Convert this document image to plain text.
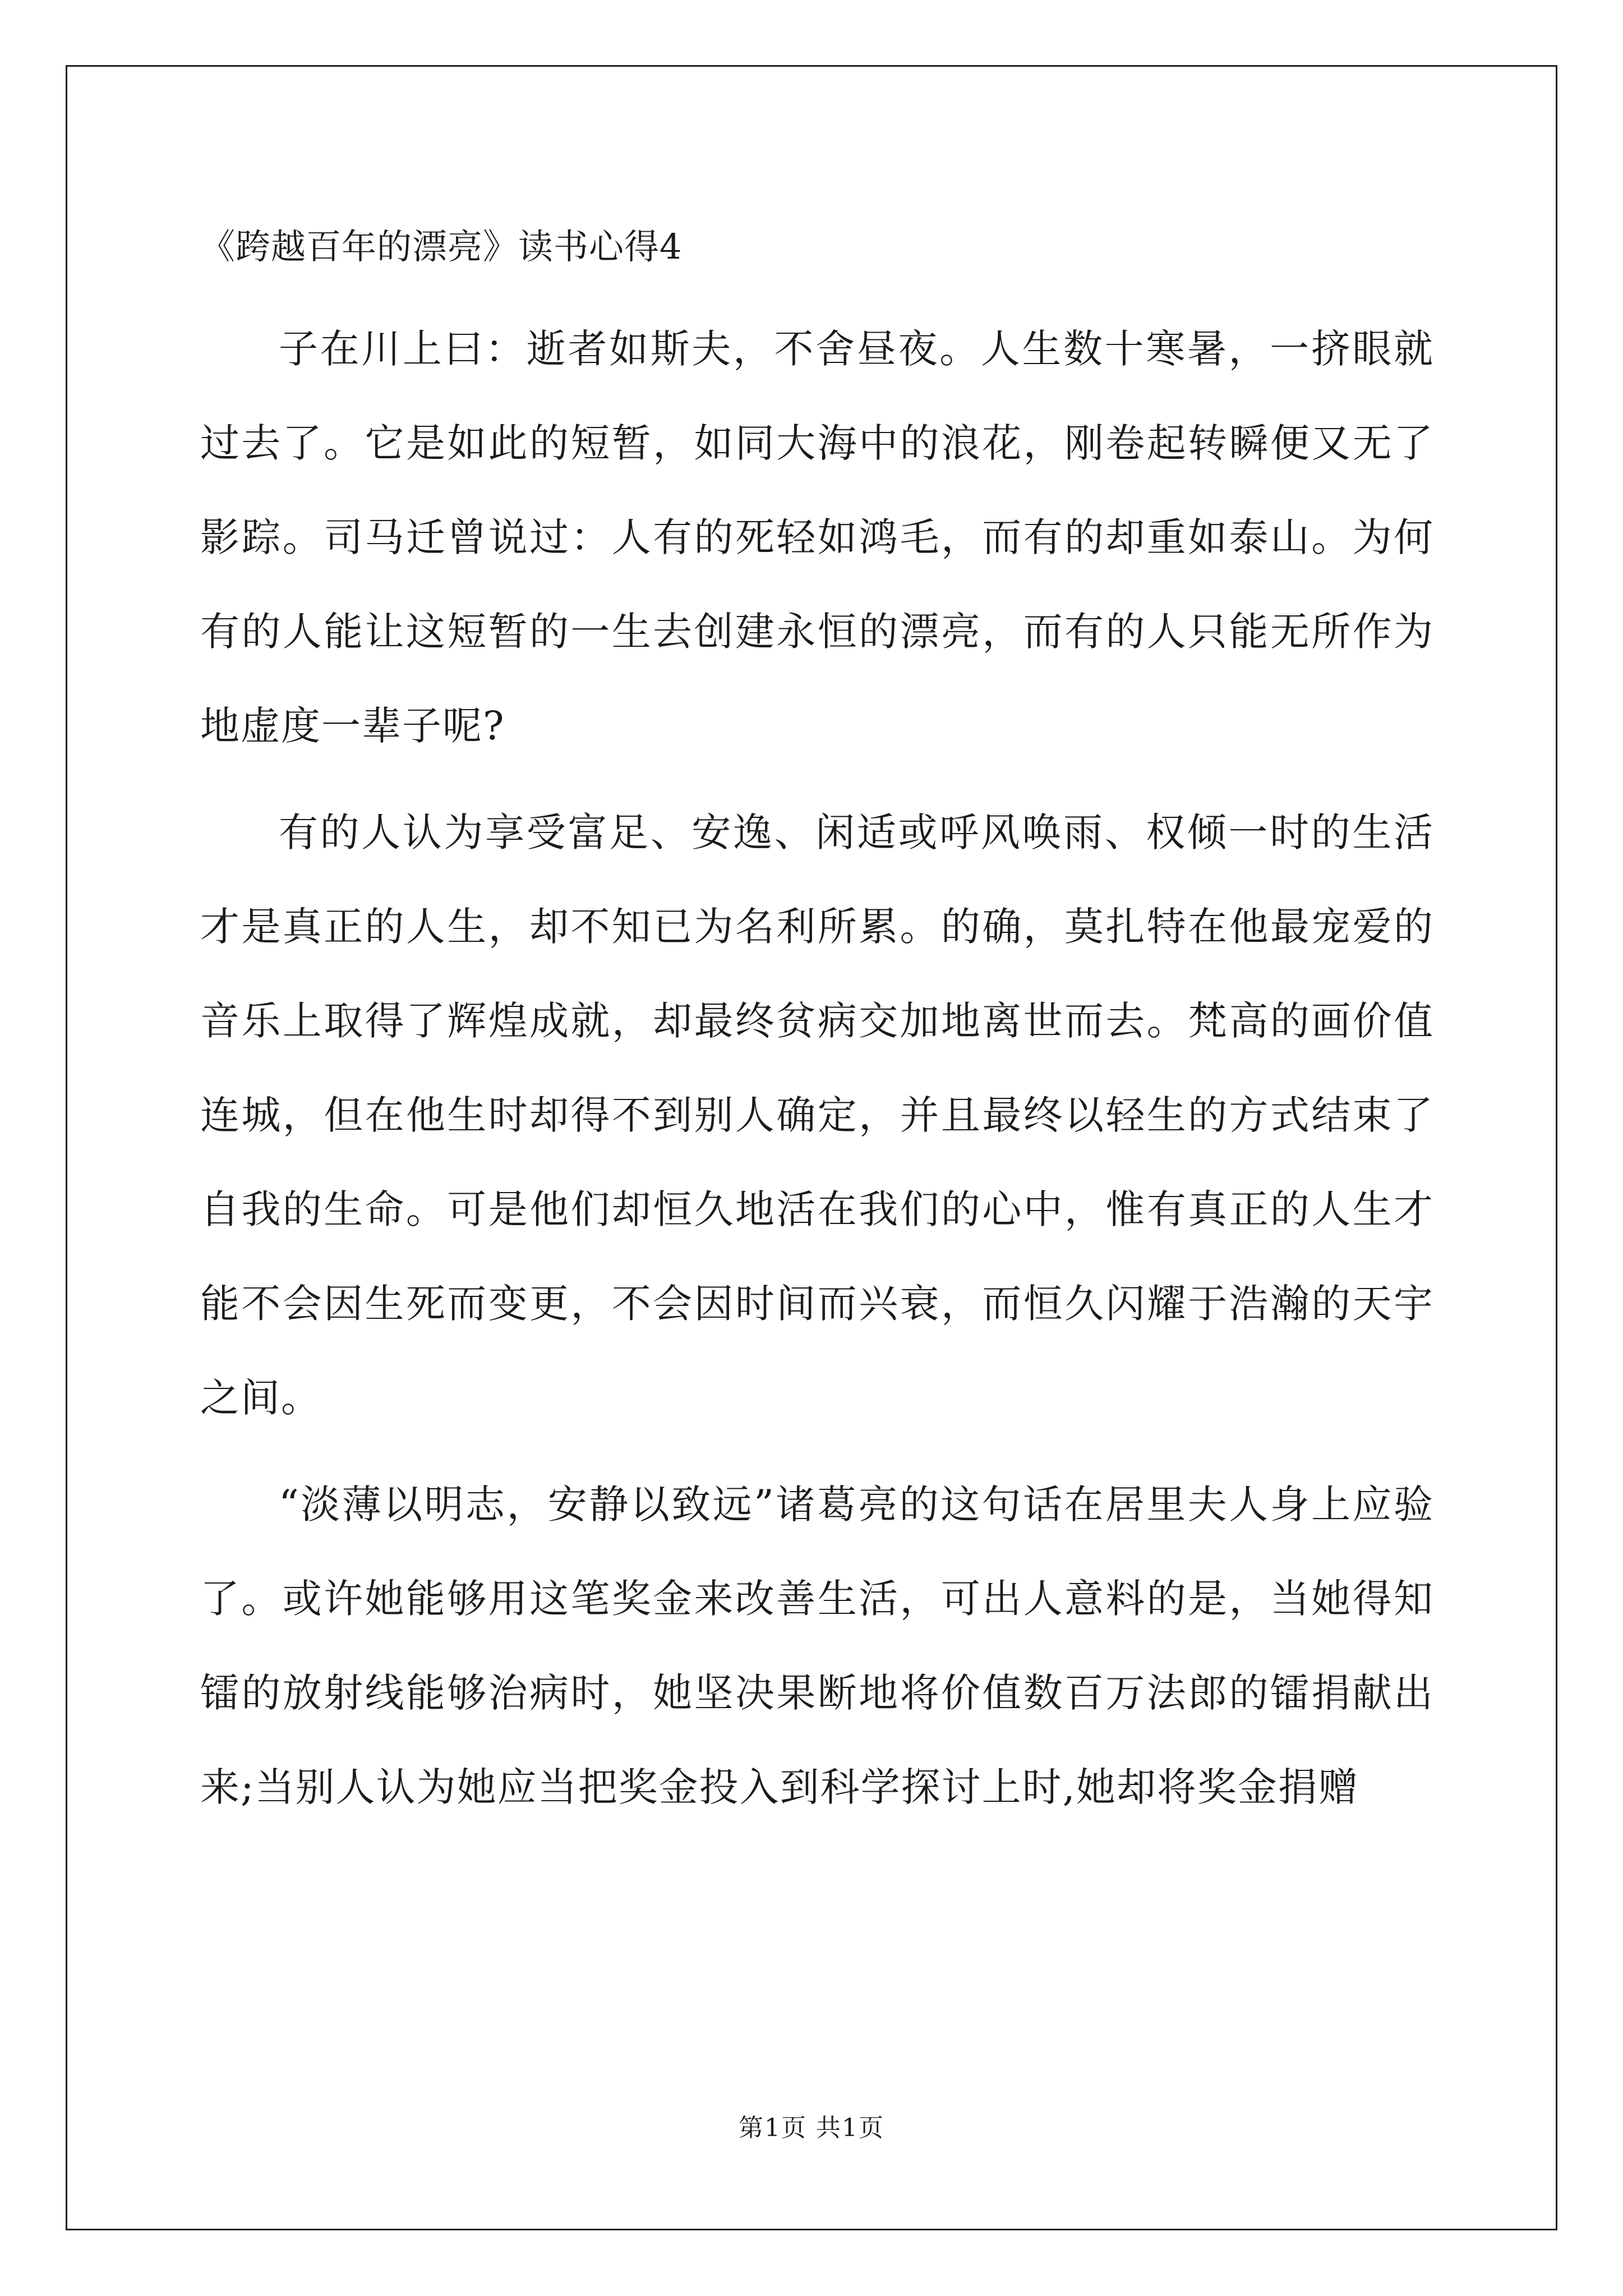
《跨越百年的漂亮》读书心得4

子在川上曰：逝者如斯夫，不舍昼夜。人生数十寒暑，一挤眼就过去了。它是如此的短暂，如同大海中的浪花，刚卷起转瞬便又无了影踪。司马迁曾说过：人有的死轻如鸿毛，而有的却重如泰山。为何有的人能让这短暂的一生去创建永恒的漂亮，而有的人只能无所作为地虚度一辈子呢?

有的人认为享受富足、安逸、闲适或呼风唤雨、权倾一时的生活才是真正的人生，却不知已为名利所累。的确，莫扎特在他最宠爱的音乐上取得了辉煌成就，却最终贫病交加地离世而去。梵高的画价值连城，但在他生时却得不到别人确定，并且最终以轻生的方式结束了自我的生命。可是他们却恒久地活在我们的心中，惟有真正的人生才能不会因生死而变更，不会因时间而兴衰，而恒久闪耀于浩瀚的天宇之间。

“淡薄以明志，安静以致远”诸葛亮的这句话在居里夫人身上应验了。或许她能够用这笔奖金来改善生活，可出人意料的是，当她得知镭的放射线能够治病时，她坚决果断地将价值数百万法郎的镭捐献出来;当别人认为她应当把奖金投入到科学探讨上时,她却将奖金捐赠

第1页 共1页
